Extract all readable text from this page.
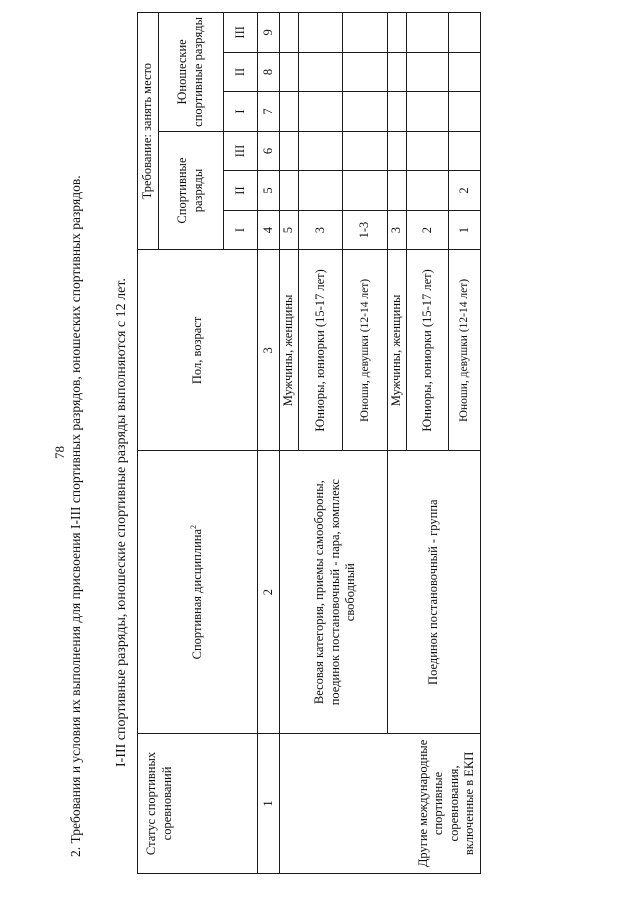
78 2. Требования и условия их выполнения для присвоения I-III спортивных разрядов, юношеских спортивных разрядов. I-III спортивные разряды, юношеские спортивные разряды выполняются с 12 лет.
Статус спортивных соревнований	Спортивная дисциплина$^2$	Пол, возраст	Требование: занять место					
			Спортивные разряды			Юношеские спортивные разряды		
			I	II	III	I	II	III
1	2	3	4	5	6	7	8	9
Другие международные спортивные соревнования, включенные в ЕКП	Весовая категория, приемы самообороны, поединок постановочный - пара, комплекс свободный	Мужчины, женщины	5					
		Юниоры, юниорки (15-17 лет)	3					
		Юноши, девушки (12-14 лет)	1-3					
	Поединок постановочный - группа	Мужчины, женщины	3					
		Юниоры, юниорки (15-17 лет)	2					
		Юноши, девушки (12-14 лет)	1	2				
